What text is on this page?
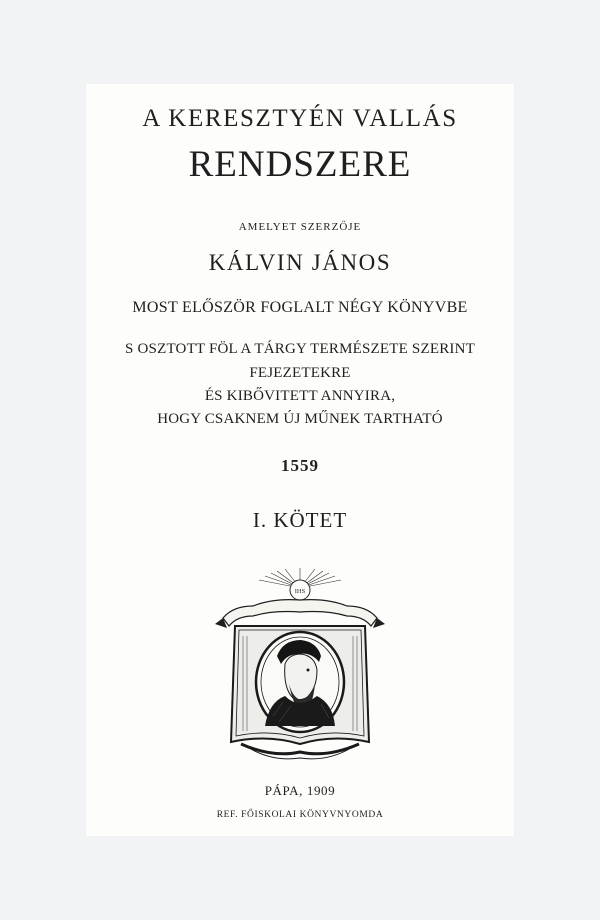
A KERESZTYÉN VALLÁS
RENDSZERE
AMELYET SZERZŐJE
KÁLVIN JÁNOS
MOST ELŐSZÖR FOGLALT NÉGY KÖNYVBE
S OSZTOTT FÖL A TÁRGY TERMÉSZETE SZERINT
FEJEZETEKRE
ÉS KIBŐVITETT ANNYIRA,
HOGY CSAKNEM ÚJ MŰNEK TARTHATÓ
1559
I. KÖTET
IHS
PÁPA, 1909
REF. FŐISKOLAI KÖNYVNYOMDA
